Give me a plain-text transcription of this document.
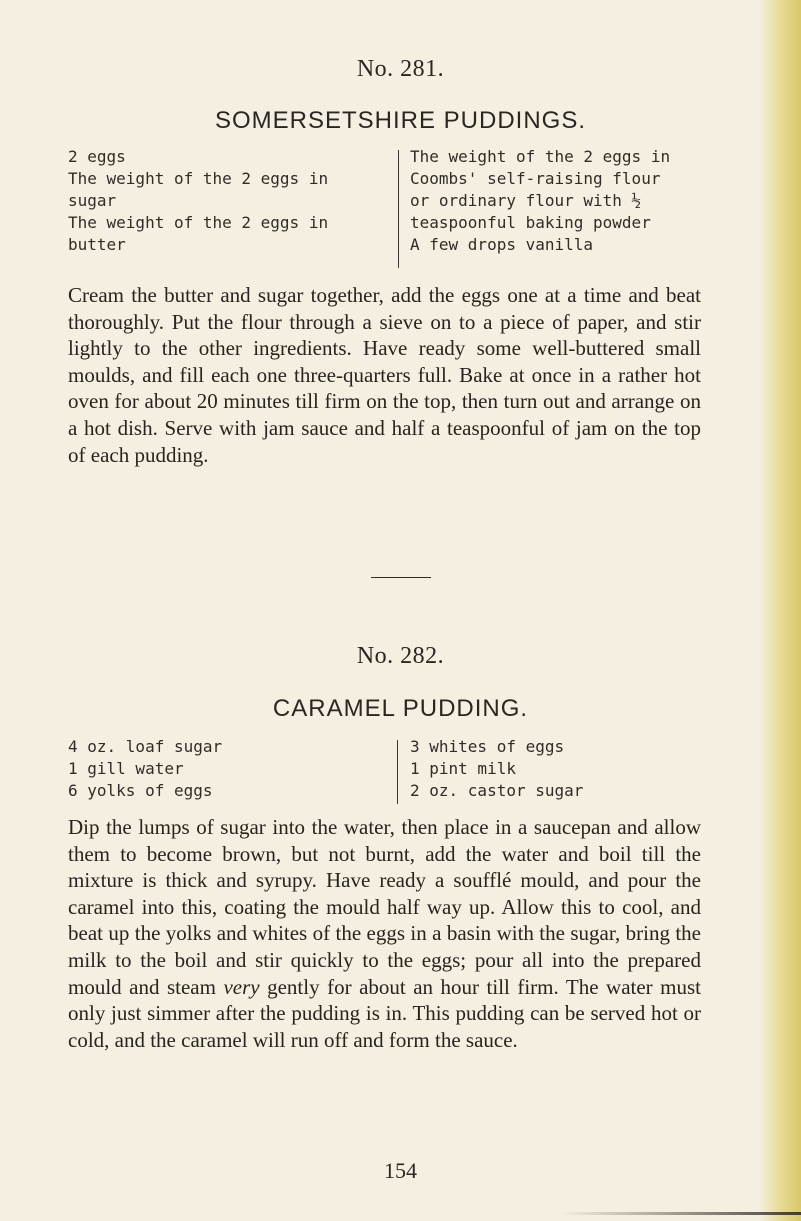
No. 281.
SOMERSETSHIRE PUDDINGS.
2 eggs
The weight of the 2 eggs in
sugar
The weight of the 2 eggs in
butter
The weight of the 2 eggs in
Coombs' self-raising flour
or ordinary flour with ½
teaspoonful baking powder
A few drops vanilla
Cream the butter and sugar together, add the eggs one at a time and beat thoroughly. Put the flour through a sieve on to a piece of paper, and stir lightly to the other ingredients. Have ready some well-buttered small moulds, and fill each one three-quarters full. Bake at once in a rather hot oven for about 20 minutes till firm on the top, then turn out and arrange on a hot dish. Serve with jam sauce and half a teaspoonful of jam on the top of each pudding.
No. 282.
CARAMEL PUDDING.
4 oz. loaf sugar
1 gill water
6 yolks of eggs
3 whites of eggs
1 pint milk
2 oz. castor sugar
Dip the lumps of sugar into the water, then place in a saucepan and allow them to become brown, but not burnt, add the water and boil till the mixture is thick and syrupy. Have ready a soufflé mould, and pour the caramel into this, coating the mould half way up. Allow this to cool, and beat up the yolks and whites of the eggs in a basin with the sugar, bring the milk to the boil and stir quickly to the eggs; pour all into the prepared mould and steam very gently for about an hour till firm. The water must only just simmer after the pudding is in. This pudding can be served hot or cold, and the caramel will run off and form the sauce.
154
